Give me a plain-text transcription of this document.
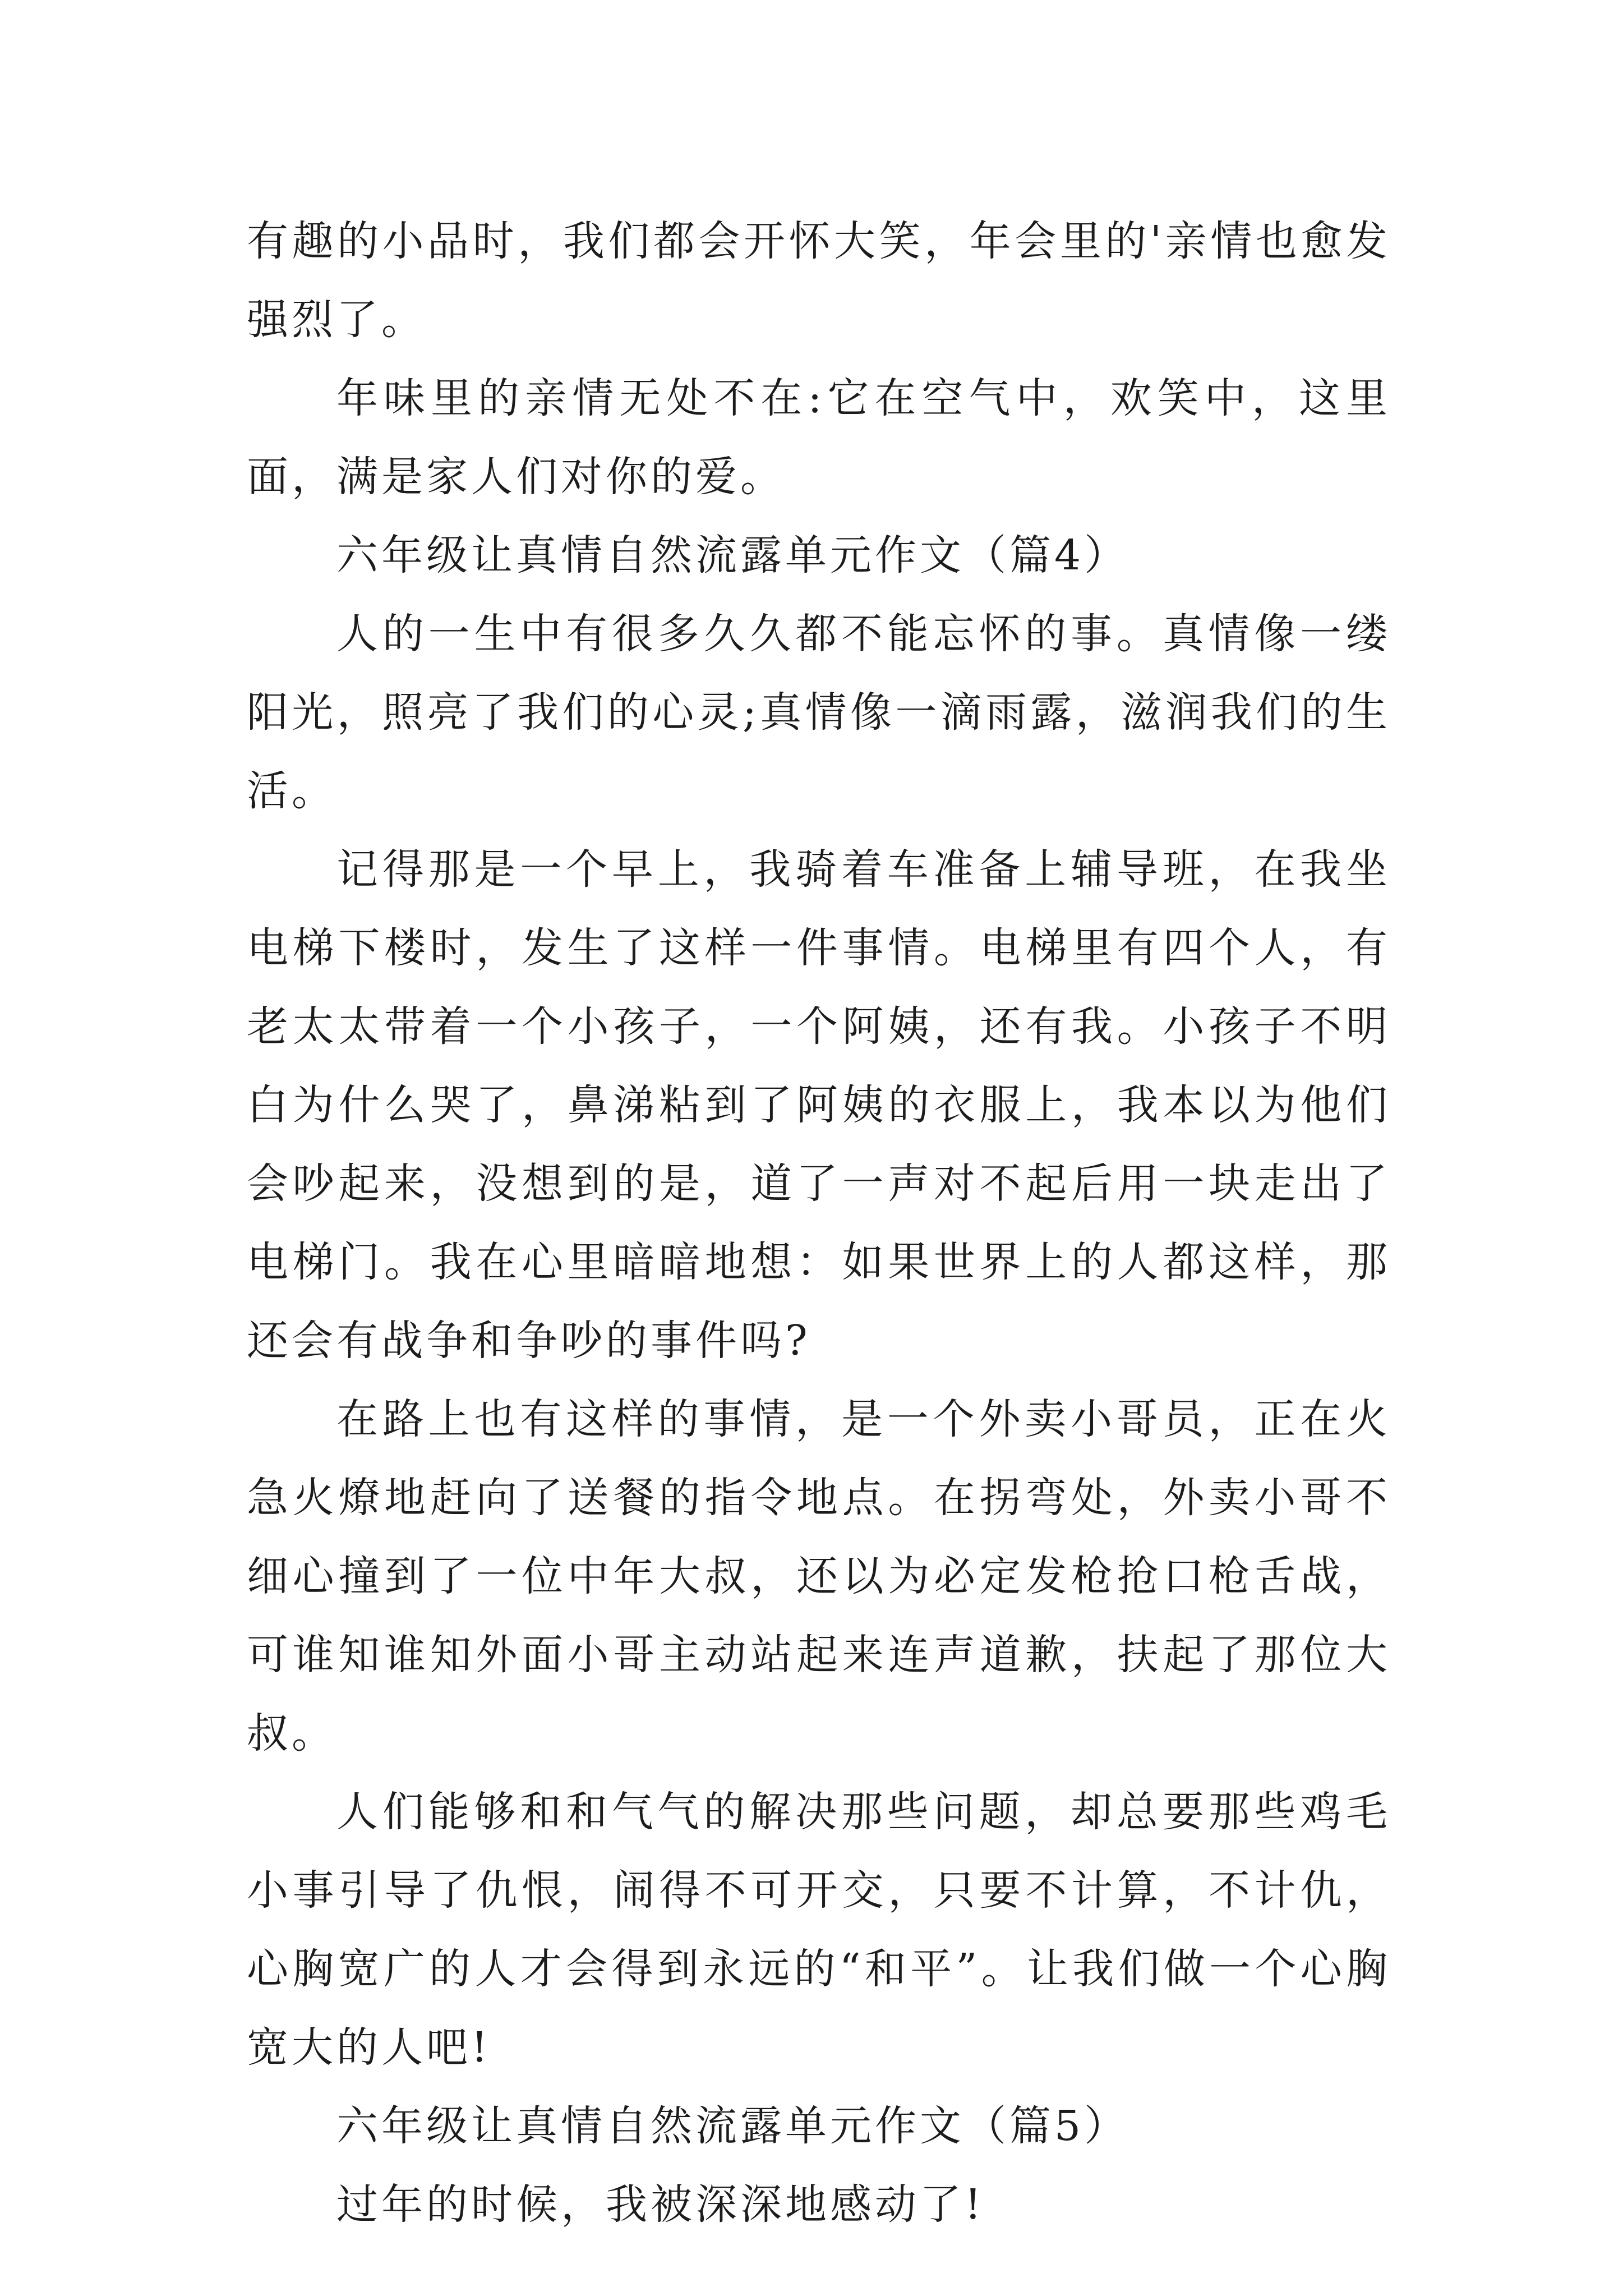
有趣的小品时，我们都会开怀大笑，年会里的'亲情也愈发强烈了。

年味里的亲情无处不在:它在空气中，欢笑中，这里面，满是家人们对你的爱。

六年级让真情自然流露单元作文（篇4）

人的一生中有很多久久都不能忘怀的事。真情像一缕阳光，照亮了我们的心灵;真情像一滴雨露，滋润我们的生活。

记得那是一个早上，我骑着车准备上辅导班，在我坐电梯下楼时，发生了这样一件事情。电梯里有四个人，有老太太带着一个小孩子，一个阿姨，还有我。小孩子不明白为什么哭了，鼻涕粘到了阿姨的衣服上，我本以为他们会吵起来，没想到的是，道了一声对不起后用一块走出了电梯门。我在心里暗暗地想：如果世界上的人都这样，那还会有战争和争吵的事件吗?

在路上也有这样的事情，是一个外卖小哥员，正在火急火燎地赶向了送餐的指令地点。在拐弯处，外卖小哥不细心撞到了一位中年大叔，还以为必定发枪抢口枪舌战，可谁知谁知外面小哥主动站起来连声道歉，扶起了那位大叔。

人们能够和和气气的解决那些问题，却总要那些鸡毛小事引导了仇恨，闹得不可开交，只要不计算，不计仇，心胸宽广的人才会得到永远的“和平”。让我们做一个心胸宽大的人吧!

六年级让真情自然流露单元作文（篇5）

过年的时候，我被深深地感动了!
